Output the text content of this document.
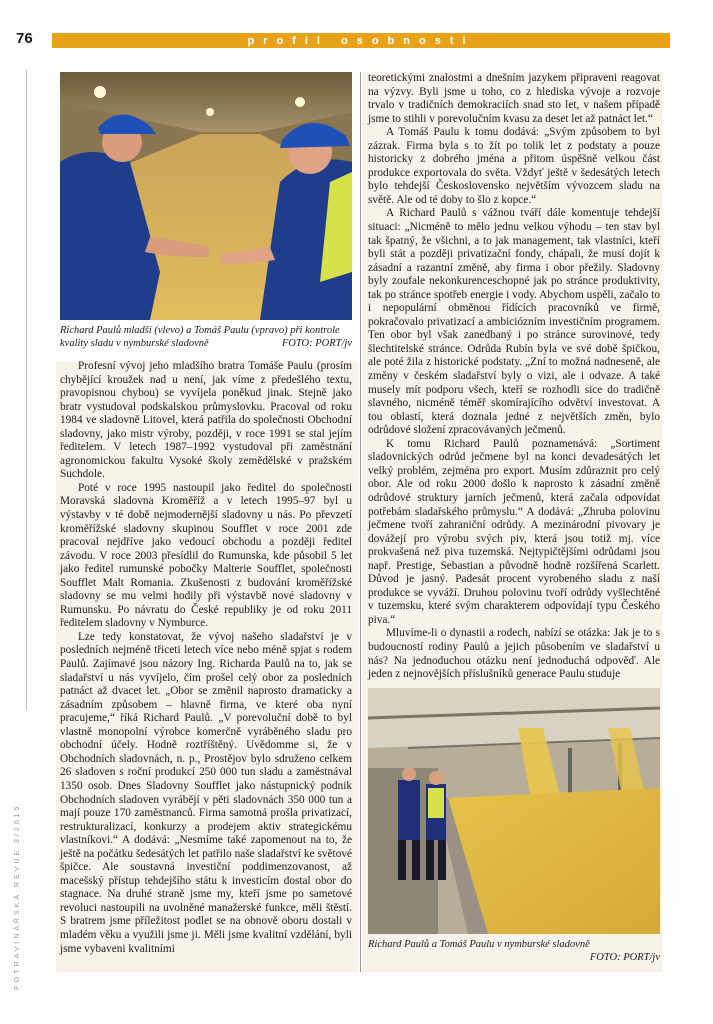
76	profil osobnosti
POTRAVINÁŘSKÁ REVUE 3/2015
Richard Paulů mladší (vlevo) a Tomáš Paulu (vpravo) při kontrole kvality sladu v nymburské sladovně	FOTO: PORT/jv

Profesní vývoj jeho mladšího bratra Tomáše Paulu (prosím chybějící kroužek nad u není, jak víme z předešlého textu, pravopisnou chybou) se vyvíjela poněkud jinak. Stejně jako bratr vystudoval podskalskou průmyslovku. Pracoval od roku 1984 ve sladovně Litovel, která patřila do společnosti Obchodní sladovny, jako mistr výroby, později, v roce 1991 se stal jejím ředitelem. V letech 1987–1992 vystudoval při zaměstnání agronomickou fakultu Vysoké školy zemědělské v pražském Suchdole.

Poté v roce 1995 nastoupil jako ředitel do společnosti Moravská sladovna Kroměříž a v letech 1995–97 byl u výstavby v té době nejmodernější sladovny u nás. Po převzetí kroměřížské sladovny skupinou Soufflet v roce 2001 zde pracoval nejdříve jako vedoucí obchodu a později ředitel závodu. V roce 2003 přesídlil do Rumunska, kde působil 5 let jako ředitel rumunské pobočky Malterie Soufflet, společnosti Soufflet Malt Romania. Zkušenosti z budování kroměřížské sladovny se mu velmi hodily při výstavbě nové sladovny v Rumunsku. Po návratu do České republiky je od roku 2011 ředitelem sladovny v Nymburce.

Lze tedy konstatovat, že vývoj našeho sladařství je v posledních nejméně třiceti letech více nebo méně spjat s rodem Paulů. Zajímavé jsou názory Ing. Richarda Paulů na to, jak se sladařství u nás vyvíjelo, čím prošel celý obor za posledních patnáct až dvacet let. „Obor se změnil naprosto dramaticky a zásadním způsobem – hlavně firma, ve které oba nyní pracujeme,“ říká Richard Paulů. „V porevoluční době to byl vlastně monopolní výrobce komerčně vyráběného sladu pro obchodní účely. Hodně roztříštěný. Uvědomme si, že v Obchodních sladovnách, n. p., Prostějov bylo sdruženo celkem 26 sladoven s roční produkcí 250 000 tun sladu a zaměstnával 1350 osob. Dnes Sladovny Soufflet jako nástupnický podnik Obchodních sladoven vyrábějí v pěti sladovnách 350 000 tun a mají pouze 170 zaměstnanců. Firma samotná prošla privatizací, restrukturalizací, konkurzy a prodejem aktiv strategickému vlastníkovi.“ A dodává: „Nesmíme také zapomenout na to, že ještě na počátku šedesátých let patřilo naše sladařství ke světové špičce. Ale soustavná investiční poddimenzovanost, až macešský přístup tehdejšího státu k investicím dostal obor do stagnace. Na druhé straně jsme my, kteří jsme po sametové revoluci nastoupili na uvolněné manažerské funkce, měli štěstí. S bratrem jsme příležitost podlet se na obnově oboru dostali v mladém věku a využili jsme ji. Měli jsme kvalitní vzdělání, byli jsme vybaveni kvalitními

teoretickými znalostmi a dnešním jazykem připraveni reagovat na výzvy. Byli jsme u toho, co z hlediska vývoje a rozvoje trvalo v tradičních demokraciích snad sto let, v našem případě jsme to stihli v porevolučním kvasu za deset let až patnáct let.“

A Tomáš Paulu k tomu dodává: „Svým způsobem to byl zázrak. Firma byla s to žít po tolik let z podstaty a pouze historicky z dobrého jména a přitom úspěšně velkou část produkce exportovala do světa. Vždyť ještě v šedesátých letech bylo tehdejší Československo největším vývozcem sladu na světě. Ale od té doby to šlo z kopce.“

A Richard Paulů s vážnou tváří dále komentuje tehdejší situaci: „Nicméně to mělo jednu velkou výhodu – ten stav byl tak špatný, že všichni, a to jak management, tak vlastníci, kteří byli stát a později privatizační fondy, chápali, že musí dojít k zásadní a razantní změně, aby firma i obor přežily. Sladovny byly zoufale nekonkurenceschopné jak po stránce produktivity, tak po stránce spotřeb energie i vody. Abychom uspěli, začalo to i nepopulární obměnou řídících pracovníků ve firmě, pokračovalo privatizací a ambiciózním investičním programem. Ten obor byl však zanedbaný i po stránce surovinové, tedy šlechtitelské stránce. Odrůda Rubín byla ve své době špičkou, ale poté žila z historické podstaty. „Zní to možná nadneseně, ale změny v českém sladařství byly o vizi, ale i odvaze. A také musely mít podporu všech, kteří se rozhodli sice do tradičně slavného, nicméně téměř skomírajícího odvětví investovat. A tou oblastí, která doznala jedné z největších změn, bylo odrůdové složení zpracovávaných ječmenů.

K tomu Richard Paulů poznamenává: „Sortiment sladovnických odrůd ječmene byl na konci devadesátých let velký problém, zejména pro export. Musím zdůraznit pro celý obor. Ale od roku 2000 došlo k naprosto k zásadní změně odrůdové struktury jarních ječmenů, která začala odpovídat potřebám sladařského průmyslu.“ A dodává: „Zhruba polovinu ječmene tvoří zahraniční odrůdy. A mezinárodní pivovary je dovážejí pro výrobu svých piv, která jsou totiž mj. více prokvašená než piva tuzemská. Nejtypičtějšími odrůdami jsou např. Prestige, Sebastian a původně hodně rozšířená Scarlett. Důvod je jasný. Padesát procent vyrobeného sladu z naší produkce se vyváží. Druhou polovinu tvoří odrůdy vyšlechtěné v tuzemsku, které svým charakterem odpovídají typu Českého piva.“

Mluvíme-li o dynastii a rodech, nabízí se otázka: Jak je to s budoucností rodiny Paulů a jejich působením ve sladařství u nás? Na jednoduchou otázku není jednoduchá odpověď. Ale jeden z nejnovějších příslušníků generace Paulu studuje

Richard Paulů a Tomáš Paulu v nymburské sladovně
FOTO: PORT/jv
